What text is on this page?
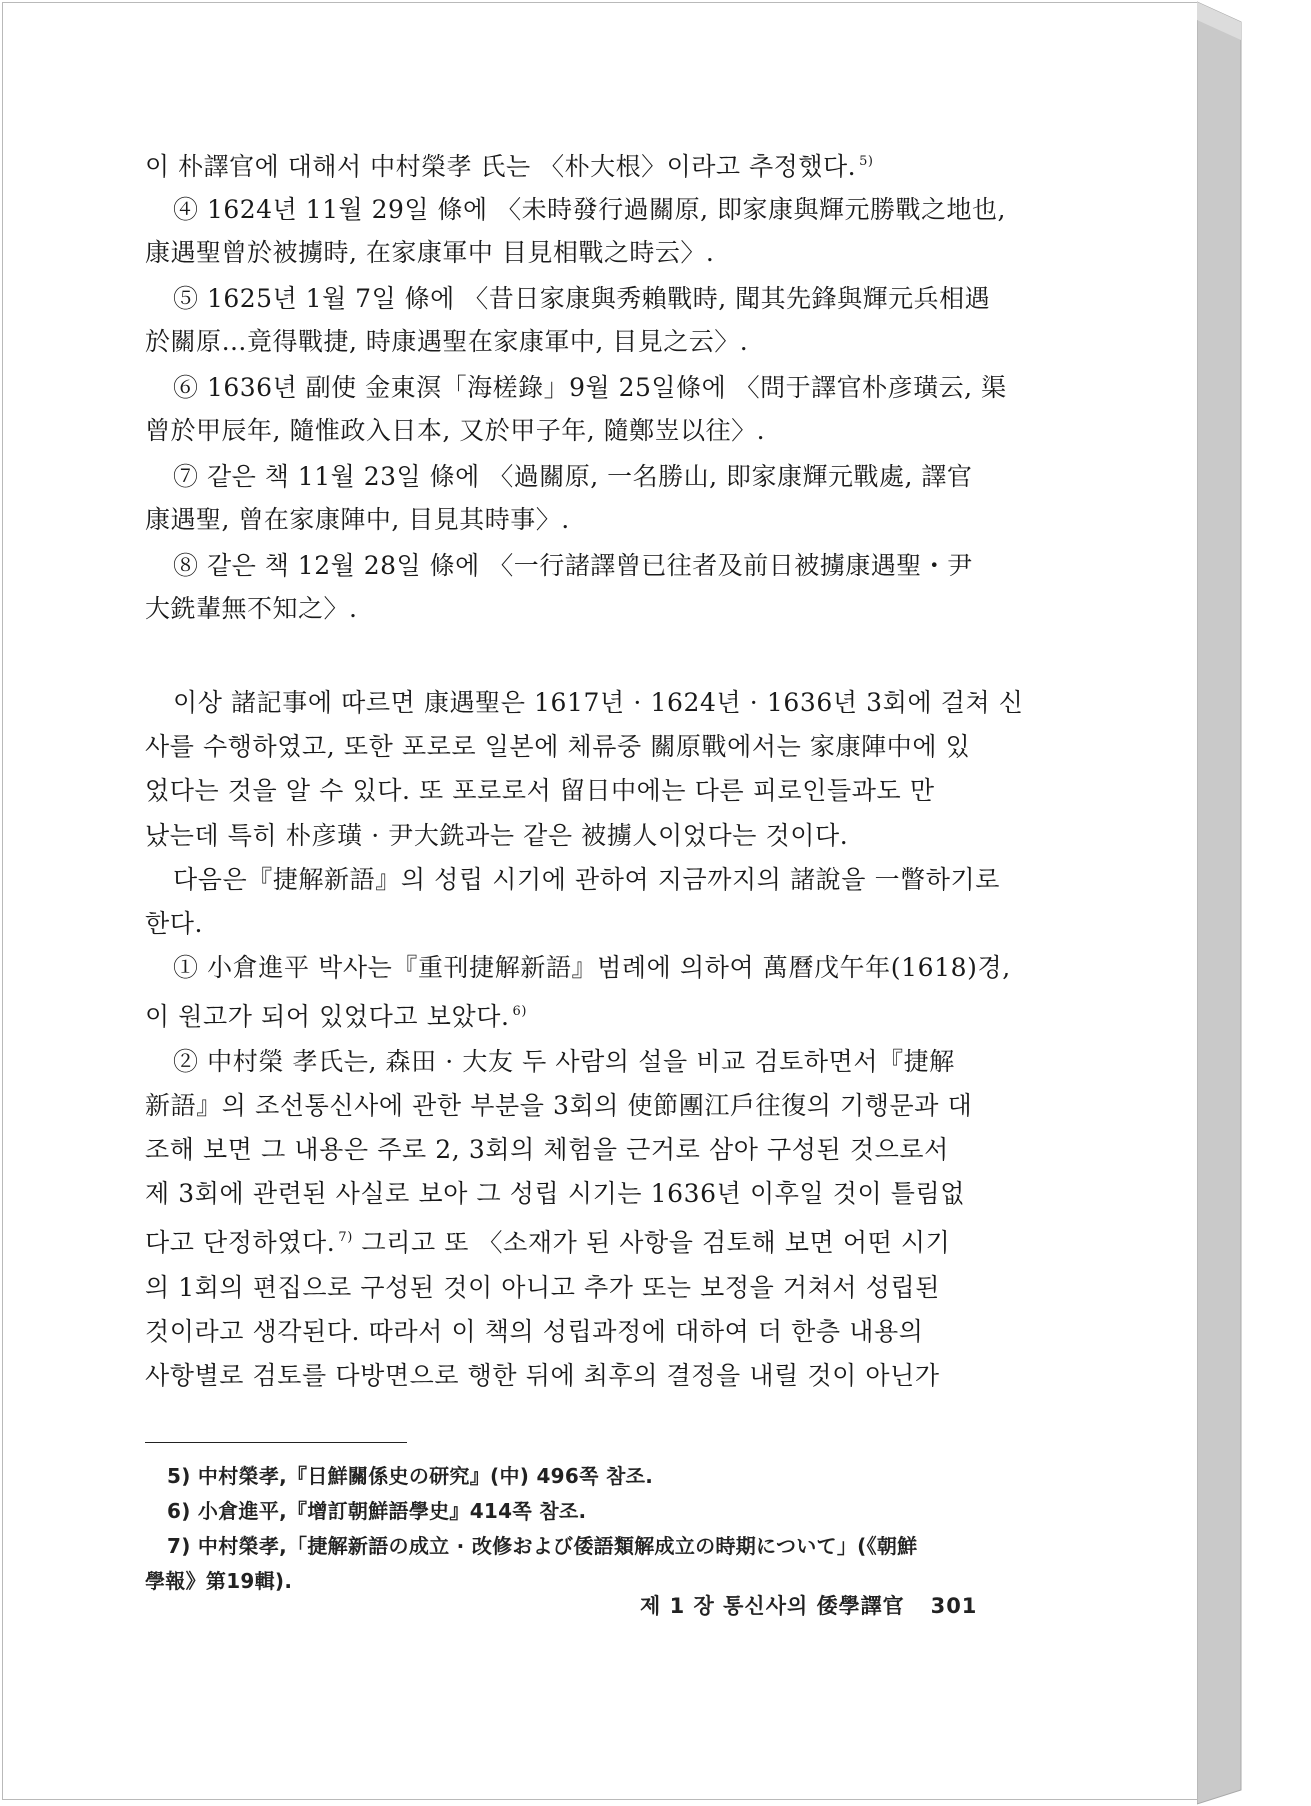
이 朴譯官에 대해서 中村榮孝 氏는 〈朴大根〉이라고 추정했다. $^{5)}$
④ 1624년 11월 29일 條에 〈未時發行過關原, 即家康與輝元勝戰之地也,
康遇聖曾於被擄時, 在家康軍中 目見相戰之時云〉.
⑤ 1625년 1월 7일 條에 〈昔日家康與秀賴戰時, 聞其先鋒與輝元兵相遇
於關原…竟得戰捷, 時康遇聖在家康軍中, 目見之云〉.
⑥ 1636년 副使 金東溟「海槎錄」9월 25일條에 〈問于譯官朴彦璜云, 渠
曾於甲辰年, 隨惟政入日本, 又於甲子年, 隨鄭岦以往〉.
⑦ 같은 책 11월 23일 條에 〈過關原, 一名勝山, 即家康輝元戰處, 譯官
康遇聖, 曾在家康陣中, 目見其時事〉.
⑧ 같은 책 12월 28일 條에 〈一行諸譯曾已往者及前日被擄康遇聖・尹
大銑輩無不知之〉.
이상 諸記事에 따르면 康遇聖은 1617년 · 1624년 · 1636년 3회에 걸쳐 신
사를 수행하였고, 또한 포로로 일본에 체류중 關原戰에서는 家康陣中에 있
었다는 것을 알 수 있다. 또 포로로서 留日中에는 다른 피로인들과도 만
났는데 특히 朴彦璜 · 尹大銑과는 같은 被擄人이었다는 것이다.
다음은『捷解新語』의 성립 시기에 관하여 지금까지의 諸說을 一瞥하기로
한다.
① 小倉進平 박사는『重刊捷解新語』범례에 의하여 萬曆戊午年(1618)경,
이 원고가 되어 있었다고 보았다. $^{6)}$
② 中村榮 孝氏는, 森田 · 大友 두 사람의 설을 비교 검토하면서『捷解
新語』의 조선통신사에 관한 부분을 3회의 使節團江戶往復의 기행문과 대
조해 보면 그 내용은 주로 2, 3회의 체험을 근거로 삼아 구성된 것으로서
제 3회에 관련된 사실로 보아 그 성립 시기는 1636년 이후일 것이 틀림없
다고 단정하였다. $^{7)}$ 그리고 또 〈소재가 된 사항을 검토해 보면 어떤 시기
의 1회의 편집으로 구성된 것이 아니고 추가 또는 보정을 거쳐서 성립된
것이라고 생각된다. 따라서 이 책의 성립과정에 대하여 더 한층 내용의
사항별로 검토를 다방면으로 행한 뒤에 최후의 결정을 내릴 것이 아닌가
5) 中村榮孝,『日鮮關係史の研究』(中) 496쪽 참조.
6) 小倉進平,『增訂朝鮮語學史』414쪽 참조.
7) 中村榮孝,「捷解新語の成立 · 改修および倭語類解成立の時期について」(《朝鮮
學報》第19輯).
제 1 장 통신사의 倭學譯官 301
